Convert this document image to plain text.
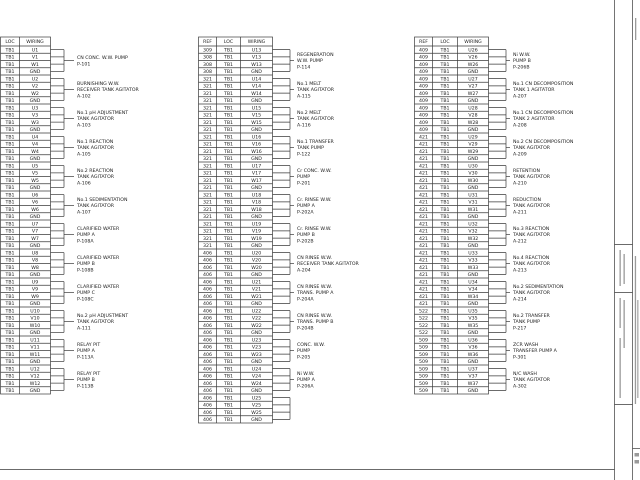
LOC	WIRING
TB1	U1
TB1	V1
TB1	W1
TB1	GND
CN CONC. W.W. PUMP
P-101
TB1	U2
TB1	V2
TB1	W2
TB1	GND
BURNISHING W.W.
RECEIVER TANK AGITATOR
A-102
TB1	U3
TB1	V3
TB1	W3
TB1	GND
No.1 pH ADJUSTMENT
TANK AGITATOR
A-103
TB1	U4
TB1	V4
TB1	W4
TB1	GND
No.1 REACTION
TANK AGITATOR
A-105
TB1	U5
TB1	V5
TB1	W5
TB1	GND
No.2 REACTION
TANK AGITATOR
A-106
TB1	U6
TB1	V6
TB1	W6
TB1	GND
No.1 SEDIMENTATION
TANK AGITATOR
A-107
TB1	U7
TB1	V7
TB1	W7
TB1	GND
CLARIFIED WATER
PUMP A
P-108A
TB1	U8
TB1	V8
TB1	W8
TB1	GND
CLARIFIED WATER
PUMP B
P-108B
TB1	U9
TB1	V9
TB1	W9
TB1	GND
CLARIFIED WATER
PUMP C
P-108C
TB1	U10
TB1	V10
TB1	W10
TB1	GND
No.2 pH ADJUSTMENT
TANK AGITATOR
A-111
TB1	U11
TB1	V11
TB1	W11
TB1	GND
RELAY PIT
PUMP A
P-113A
TB1	U12
TB1	V12
TB1	W12
TB1	GND
RELAY PIT
PUMP B
P-113B
REF	LOC	WIRING
309	TB1	U13
308	TB1	V13
308	TB1	W13
308	TB1	GND
REGENERATION
W.W. PUMP
P-114
321	TB1	U14
321	TB1	V14
321	TB1	W14
321	TB1	GND
No.1 MELT
TANK AGITATOR
A-115
321	TB1	U15
321	TB1	V15
321	TB1	W15
321	TB1	GND
No.2 MELT
TANK AGITATOR
A-116
321	TB1	U16
321	TB1	V16
321	TB1	W16
321	TB1	GND
No.1 TRANSFER
TANK PUMP
P-122
321	TB1	U17
321	TB1	V17
321	TB1	W17
321	TB1	GND
Cr CONC. W.W.
PUMP
P-201
321	TB1	U18
321	TB1	V18
321	TB1	W18
321	TB1	GND
Cr. RINSE W.W.
PUMP A
P-202A
321	TB1	U19
321	TB1	V19
321	TB1	W19
321	TB1	GND
Cr. RINSE W.W.
PUMP B
P-202B
406	TB1	U20
406	TB1	V20
406	TB1	W20
406	TB1	GND
CN RINSE W.W.
RECEIVER TANK AGITATOR
A-204
406	TB1	U21
406	TB1	V21
406	TB1	W21
406	TB1	GND
CN RINSE W.W.
TRANS. PUMP A
P-204A
406	TB1	U22
406	TB1	V22
406	TB1	W22
406	TB1	GND
CN RINSE W.W.
TRANS. PUMP B
P-204B
406	TB1	U23
406	TB1	V23
406	TB1	W23
406	TB1	GND
CONC. W.W.
PUMP
P-205
406	TB1	U24
406	TB1	V24
406	TB1	W24
406	TB1	GND
Ni W.W.
PUMP A
P-206A
406	TB1	U25
406	TB1	V25
406	TB1	W25
406	TB1	GND
REF	LOC	WIRING
409	TB1	U26
409	TB1	V26
409	TB1	W26
409	TB1	GND
Ni W.W.
PUMP B
P-206B
409	TB1	U27
409	TB1	V27
409	TB1	W27
409	TB1	GND
No.1 CN DECOMPOSITION
TANK 1 AGITATOR
A-207
409	TB1	U28
409	TB1	V28
409	TB1	W28
409	TB1	GND
No.1 CN DECOMPOSITION
TANK 2 AGITATOR
A-208
421	TB1	U29
421	TB1	V29
421	TB1	W29
421	TB1	GND
No.2 CN DECOMPOSITION
TANK AGITATOR
A-209
421	TB1	U30
421	TB1	V30
421	TB1	W30
421	TB1	GND
RETENTION
TANK AGITATOR
A-210
421	TB1	U31
421	TB1	V31
421	TB1	W31
421	TB1	GND
REDUCTION
TANK AGITATOR
A-211
421	TB1	U32
421	TB1	V32
421	TB1	W32
421	TB1	GND
No.3 REACTION
TANK AGITATOR
A-212
421	TB1	U33
421	TB1	V33
421	TB1	W33
421	TB1	GND
No.4 REACTION
TANK AGITATOR
A-213
421	TB1	U34
421	TB1	V34
421	TB1	W34
421	TB1	GND
No.2 SEDIMENTATION
TANK AGITATOR
A-214
522	TB1	U35
522	TB1	V35
522	TB1	W35
522	TB1	GND
No.2 TRANSFER
TANK PUMP
P-217
509	TB1	U36
509	TB1	V36
509	TB1	W36
509	TB1	GND
ZCR WASH
TRANSFER PUMP A
P-301
509	TB1	U37
509	TB1	V37
509	TB1	W37
509	TB1	GND
N/C WASH
TANK AGITATOR
A-302
